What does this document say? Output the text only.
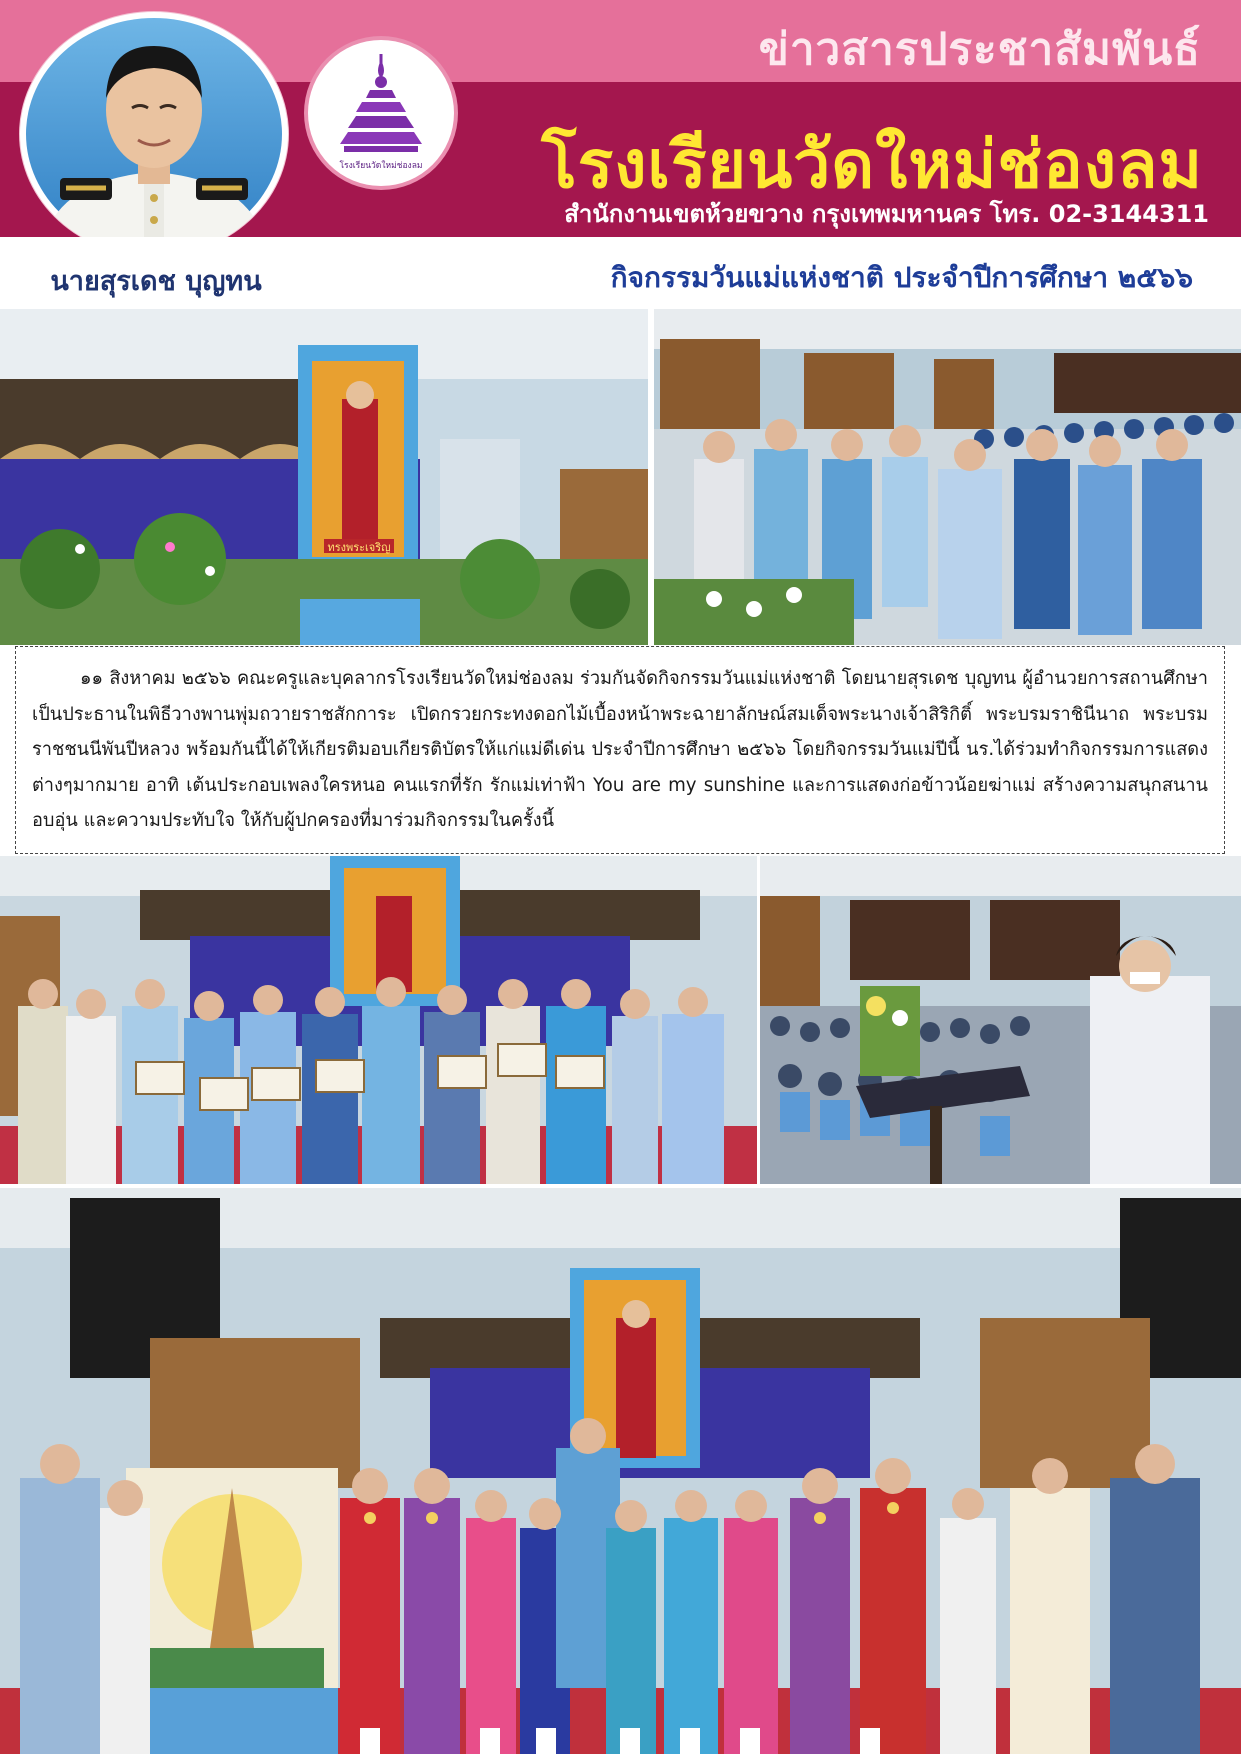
ข่าวสารประชาสัมพันธ์
โรงเรียนวัดใหม่ช่องลม
สำนักงานเขตห้วยขวาง กรุงเทพมหานคร โทร. 02-3144311
โรงเรียนวัดใหม่ช่องลม
นายสุรเดช บุญทน	กิจกรรมวันแม่แห่งชาติ ประจำปีการศึกษา ๒๕๖๖
ทรงพระเจริญ

๑๑ สิงหาคม ๒๕๖๖ คณะครูและบุคลากรโรงเรียนวัดใหม่ช่องลม ร่วมกันจัดกิจกรรมวันแม่แห่งชาติ โดยนายสุรเดช บุญทน ผู้อำนวยการสถานศึกษา เป็นประธานในพิธีวางพานพุ่มถวายราชสักการะ เปิดกรวยกระทงดอกไม้เบื้องหน้าพระฉายาลักษณ์สมเด็จพระนางเจ้าสิริกิติ์ พระบรมราชินีนาถ พระบรมราชชนนีพันปีหลวง พร้อมกันนี้ได้ให้เกียรติมอบเกียรติบัตรให้แก่แม่ดีเด่น ประจำปีการศึกษา ๒๕๖๖ โดยกิจกรรมวันแม่ปีนี้ นร.ได้ร่วมทำกิจกรรมการแสดงต่างๆมากมาย อาทิ เต้นประกอบเพลงใครหนอ คนแรกที่รัก รักแม่เท่าฟ้า You are my sunshine และการแสดงก่อข้าวน้อยฆ่าแม่ สร้างความสนุกสนาน อบอุ่น และความประทับใจ ให้กับผู้ปกครองที่มาร่วมกิจกรรมในครั้งนี้
